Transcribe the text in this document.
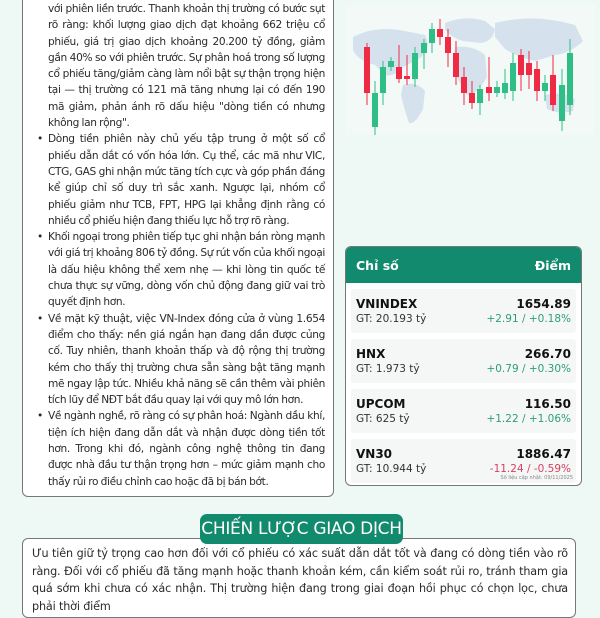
với phiên liền trước. Thanh khoản thị trường có bước sụt rõ ràng: khối lượng giao dịch đạt khoảng 662 triệu cổ phiếu, giá trị giao dịch khoảng 20.200 tỷ đồng, giảm gần 40% so với phiên trước. Sự phân hoá trong số lượng cổ phiếu tăng/giảm càng làm nổi bật sự thận trọng hiện tại — thị trường có 121 mã tăng nhưng lại có đến 190 mã giảm, phản ánh rõ dấu hiệu "dòng tiền có nhưng không lan rộng".
• Dòng tiền phiên này chủ yếu tập trung ở một số cổ phiếu dẫn dắt có vốn hóa lớn. Cụ thể, các mã như VIC, CTG, GAS ghi nhận mức tăng tích cực và góp phần đáng kể giúp chỉ số duy trì sắc xanh. Ngược lại, nhóm cổ phiếu giảm như TCB, FPT, HPG lại khẳng định rằng có nhiều cổ phiếu hiện đang thiếu lực hỗ trợ rõ ràng.
• Khối ngoại trong phiên tiếp tục ghi nhận bán ròng mạnh với giá trị khoảng 806 tỷ đồng. Sự rút vốn của khối ngoại là dấu hiệu không thể xem nhẹ — khi lòng tin quốc tế chưa thực sự vững, dòng vốn chủ động đang giữ vai trò quyết định hơn.
• Về mặt kỹ thuật, việc VN-Index đóng cửa ở vùng 1.654 điểm cho thấy: nền giá ngắn hạn đang dần được củng cố. Tuy nhiên, thanh khoản thấp và độ rộng thị trường kém cho thấy thị trường chưa sẵn sàng bật tăng mạnh mẽ ngay lập tức. Nhiều khả năng sẽ cần thêm vài phiên tích lũy để NĐT bắt đầu quay lại với quy mô lớn hơn.
• Về ngành nghề, rõ ràng có sự phân hoá: Ngành dầu khí, tiện ích hiện đang dẫn dắt và nhận được dòng tiền tốt hơn. Trong khi đó, ngành công nghệ thông tin đang được nhà đầu tư thận trọng hơn – mức giảm mạnh cho thấy rủi ro điều chỉnh cao hoặc đã bị bán bớt.
Chỉ số	Điểm
VNINDEX
GT: 20.193 tỷ
1654.89
+2.91 / +0.18%
HNX
GT: 1.973 tỷ
266.70
+0.79 / +0.30%
UPCOM
GT: 625 tỷ
116.50
+1.22 / +1.06%
VN30
GT: 10.944 tỷ
1886.47
-11.24 / -0.59%
Số liệu cập nhật: 09/11/2025
CHIẾN LƯỢC GIAO DỊCH
Ưu tiên giữ tỷ trọng cao hơn đối với cổ phiếu có xác suất dẫn dắt tốt và đang có dòng tiền vào rõ ràng. Đối với cổ phiếu đã tăng mạnh hoặc thanh khoản kém, cần kiểm soát rủi ro, tránh tham gia quá sớm khi chưa có xác nhận. Thị trường hiện đang trong giai đoạn hồi phục có chọn lọc, chưa phải thời điểm
